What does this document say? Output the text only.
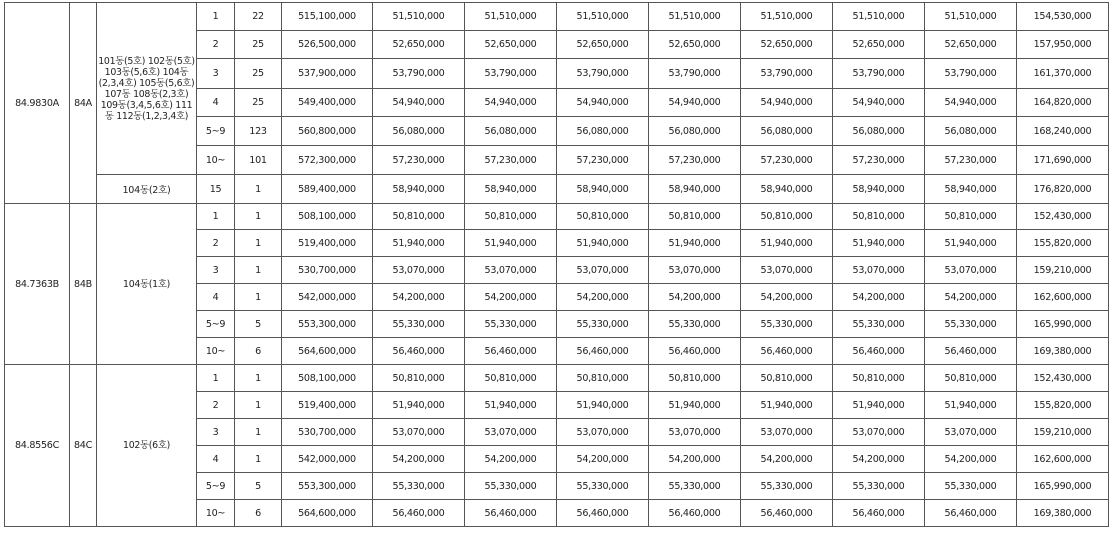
84.9830A	84A	101동(5호) 102동(5호) 103동(5,6호) 104동(2,3,4호) 105동(5,6호) 107동 108동(2,3호) 109동(3,4,5,6호) 111동 112동(1,2,3,4호)	1	22	515,100,000	51,510,000	51,510,000	51,510,000	51,510,000	51,510,000	51,510,000	51,510,000	154,530,000
			2	25	526,500,000	52,650,000	52,650,000	52,650,000	52,650,000	52,650,000	52,650,000	52,650,000	157,950,000
			3	25	537,900,000	53,790,000	53,790,000	53,790,000	53,790,000	53,790,000	53,790,000	53,790,000	161,370,000
			4	25	549,400,000	54,940,000	54,940,000	54,940,000	54,940,000	54,940,000	54,940,000	54,940,000	164,820,000
			5~9	123	560,800,000	56,080,000	56,080,000	56,080,000	56,080,000	56,080,000	56,080,000	56,080,000	168,240,000
			10~	101	572,300,000	57,230,000	57,230,000	57,230,000	57,230,000	57,230,000	57,230,000	57,230,000	171,690,000
		104동(2호)	15	1	589,400,000	58,940,000	58,940,000	58,940,000	58,940,000	58,940,000	58,940,000	58,940,000	176,820,000
84.7363B	84B	104동(1호)	1	1	508,100,000	50,810,000	50,810,000	50,810,000	50,810,000	50,810,000	50,810,000	50,810,000	152,430,000
			2	1	519,400,000	51,940,000	51,940,000	51,940,000	51,940,000	51,940,000	51,940,000	51,940,000	155,820,000
			3	1	530,700,000	53,070,000	53,070,000	53,070,000	53,070,000	53,070,000	53,070,000	53,070,000	159,210,000
			4	1	542,000,000	54,200,000	54,200,000	54,200,000	54,200,000	54,200,000	54,200,000	54,200,000	162,600,000
			5~9	5	553,300,000	55,330,000	55,330,000	55,330,000	55,330,000	55,330,000	55,330,000	55,330,000	165,990,000
			10~	6	564,600,000	56,460,000	56,460,000	56,460,000	56,460,000	56,460,000	56,460,000	56,460,000	169,380,000
84.8556C	84C	102동(6호)	1	1	508,100,000	50,810,000	50,810,000	50,810,000	50,810,000	50,810,000	50,810,000	50,810,000	152,430,000
			2	1	519,400,000	51,940,000	51,940,000	51,940,000	51,940,000	51,940,000	51,940,000	51,940,000	155,820,000
			3	1	530,700,000	53,070,000	53,070,000	53,070,000	53,070,000	53,070,000	53,070,000	53,070,000	159,210,000
			4	1	542,000,000	54,200,000	54,200,000	54,200,000	54,200,000	54,200,000	54,200,000	54,200,000	162,600,000
			5~9	5	553,300,000	55,330,000	55,330,000	55,330,000	55,330,000	55,330,000	55,330,000	55,330,000	165,990,000
			10~	6	564,600,000	56,460,000	56,460,000	56,460,000	56,460,000	56,460,000	56,460,000	56,460,000	169,380,000
